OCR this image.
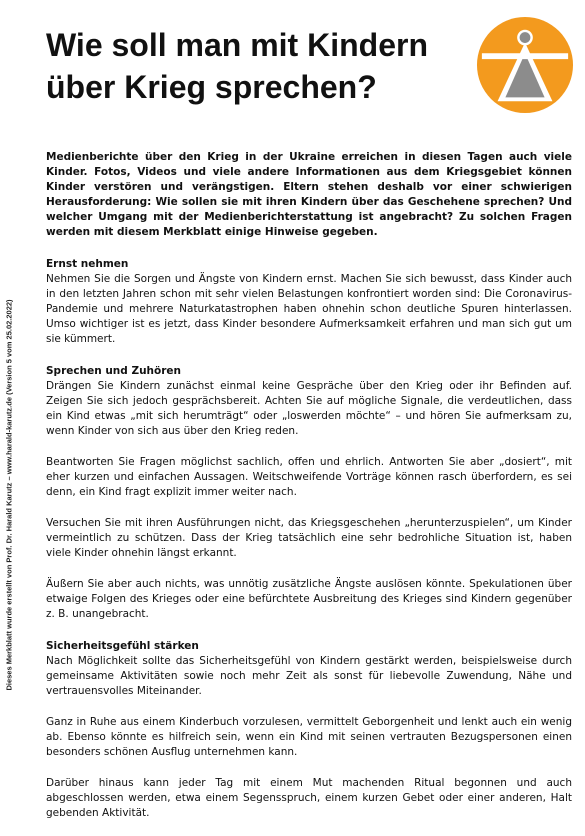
Wie soll man mit Kindern
über Krieg sprechen?
Dieses Merkblatt wurde erstellt von Prof. Dr. Harald Karutz – www.harald-karutz.de (Version 5 vom 25.02.2022)

Medienberichte über den Krieg in der Ukraine erreichen in diesen Tagen auch viele Kinder. Fotos, Videos und viele andere Informationen aus dem Kriegsgebiet können Kinder verstören und verängstigen. Eltern stehen deshalb vor einer schwierigen Herausforderung: Wie sollen sie mit ihren Kindern über das Geschehene sprechen? Und welcher Umgang mit der Medienberichterstattung ist angebracht? Zu solchen Fragen werden mit diesem Merkblatt einige Hinweise gegeben.

Ernst nehmen

Nehmen Sie die Sorgen und Ängste von Kindern ernst. Machen Sie sich bewusst, dass Kinder auch in den letzten Jahren schon mit sehr vielen Belastungen konfrontiert worden sind: Die Coronavirus-Pandemie und mehrere Naturkatastrophen haben ohnehin schon deutliche Spuren hinterlassen. Umso wichtiger ist es jetzt, dass Kinder besondere Aufmerksamkeit erfahren und man sich gut um sie kümmert.

Sprechen und Zuhören

Drängen Sie Kindern zunächst einmal keine Gespräche über den Krieg oder ihr Befinden auf. Zeigen Sie sich jedoch gesprächsbereit. Achten Sie auf mögliche Signale, die verdeutlichen, dass ein Kind etwas „mit sich herumträgt“ oder „loswerden möchte“ – und hören Sie aufmerksam zu, wenn Kinder von sich aus über den Krieg reden.

Beantworten Sie Fragen möglichst sachlich, offen und ehrlich. Antworten Sie aber „dosiert“, mit eher kurzen und einfachen Aussagen. Weitschweifende Vorträge können rasch überfordern, es sei denn, ein Kind fragt explizit immer weiter nach.

Versuchen Sie mit ihren Ausführungen nicht, das Kriegsgeschehen „herunterzuspielen“, um Kinder vermeintlich zu schützen. Dass der Krieg tatsächlich eine sehr bedrohliche Situation ist, haben viele Kinder ohnehin längst erkannt.

Äußern Sie aber auch nichts, was unnötig zusätzliche Ängste auslösen könnte. Spekulationen über etwaige Folgen des Krieges oder eine befürchtete Ausbreitung des Krieges sind Kindern gegenüber z. B. unangebracht.

Sicherheitsgefühl stärken

Nach Möglichkeit sollte das Sicherheitsgefühl von Kindern gestärkt werden, beispielsweise durch gemeinsame Aktivitäten sowie noch mehr Zeit als sonst für liebevolle Zuwendung, Nähe und vertrauensvolles Miteinander.

Ganz in Ruhe aus einem Kinderbuch vorzulesen, vermittelt Geborgenheit und lenkt auch ein wenig ab. Ebenso könnte es hilfreich sein, wenn ein Kind mit seinen vertrauten Bezugspersonen einen besonders schönen Ausflug unternehmen kann.

Darüber hinaus kann jeder Tag mit einem Mut machenden Ritual begonnen und auch abgeschlossen werden, etwa einem Segensspruch, einem kurzen Gebet oder einer anderen, Halt gebenden Aktivität.
